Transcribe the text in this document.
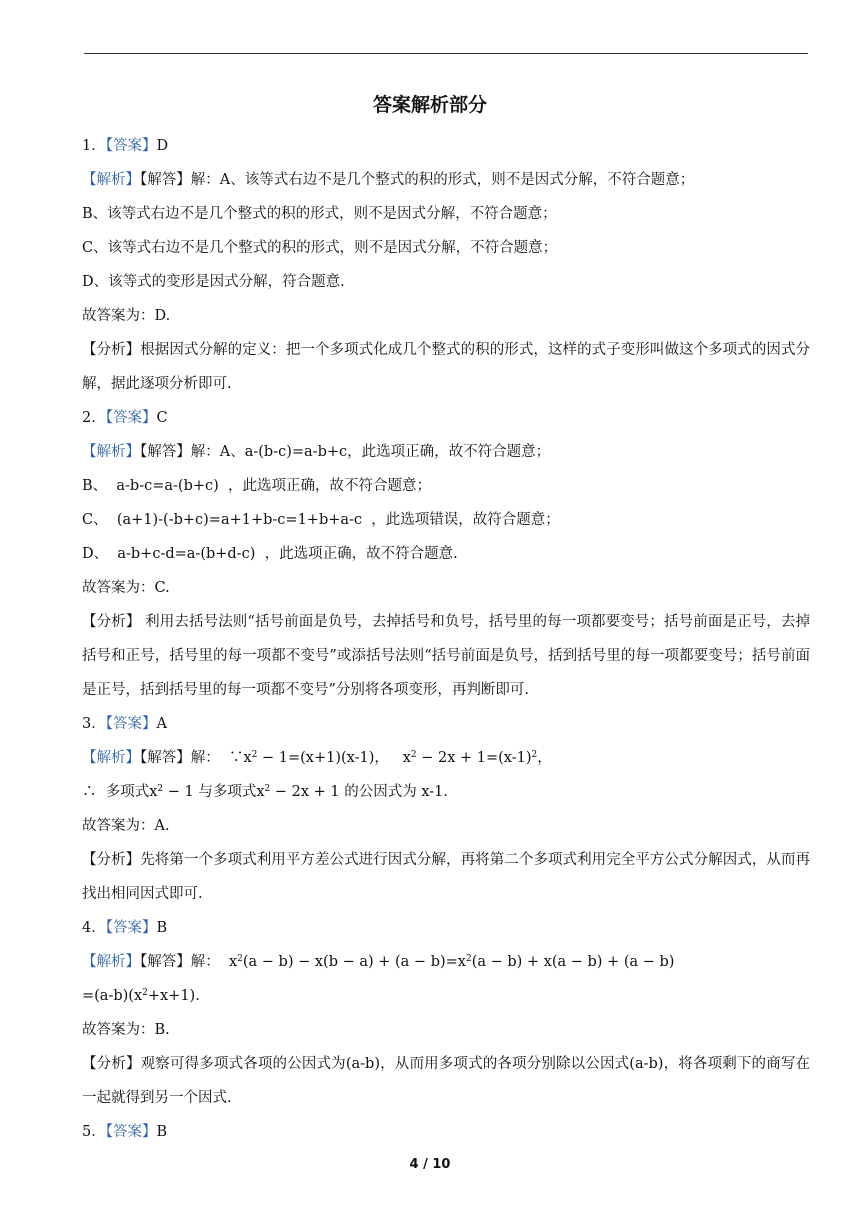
答案解析部分
1．【答案】D
【解析】【解答】解：A、该等式右边不是几个整式的积的形式，则不是因式分解，不符合题意；
B、该等式右边不是几个整式的积的形式，则不是因式分解，不符合题意；
C、该等式右边不是几个整式的积的形式，则不是因式分解，不符合题意；
D、该等式的变形是因式分解，符合题意.
故答案为：D.
【分析】根据因式分解的定义：把一个多项式化成几个整式的积的形式，这样的式子变形叫做这个多项式的因式分解，据此逐项分析即可.
2．【答案】C
【解析】【解答】解：A、a-(b-c)=a-b+c，此选项正确，故不符合题意；
B、  a-b-c=a-(b+c)  ，此选项正确，故不符合题意；
C、  (a+1)-(-b+c)=a+1+b-c=1+b+a-c  ，此选项错误，故符合题意；
D、  a-b+c-d=a-(b+d-c)  ，此选项正确，故不符合题意.
故答案为：C.
【分析】 利用去括号法则“括号前面是负号，去掉括号和负号，括号里的每一项都要变号；括号前面是正号，去掉括号和正号，括号里的每一项都不变号”或添括号法则“括号前面是负号，括到括号里的每一项都要变号；括号前面是正号，括到括号里的每一项都不变号”分别将各项变形，再判断即可.
3．【答案】A
【解析】【解答】解：  $\because x^2 - 1=(x+1)(x-1)$，   $x^2 - 2x + 1=(x-1)^2$，
∴  多项式$x^2 - 1$ 与多项式$x^2 - 2x + 1$ 的公因式为 x-1.
故答案为：A.
【分析】先将第一个多项式利用平方差公式进行因式分解，再将第二个多项式利用完全平方公式分解因式，从而再找出相同因式即可.
4．【答案】B
【解析】【解答】解：  $x^2(a - b) - x(b - a) + (a - b)=x^2(a - b) + x(a - b) + (a - b)$
$=(a-b)(x^2+x+1)$.
故答案为：B.
【分析】观察可得多项式各项的公因式为(a-b)，从而用多项式的各项分别除以公因式(a-b)，将各项剩下的商写在一起就得到另一个因式.
5．【答案】B
4 / 10
